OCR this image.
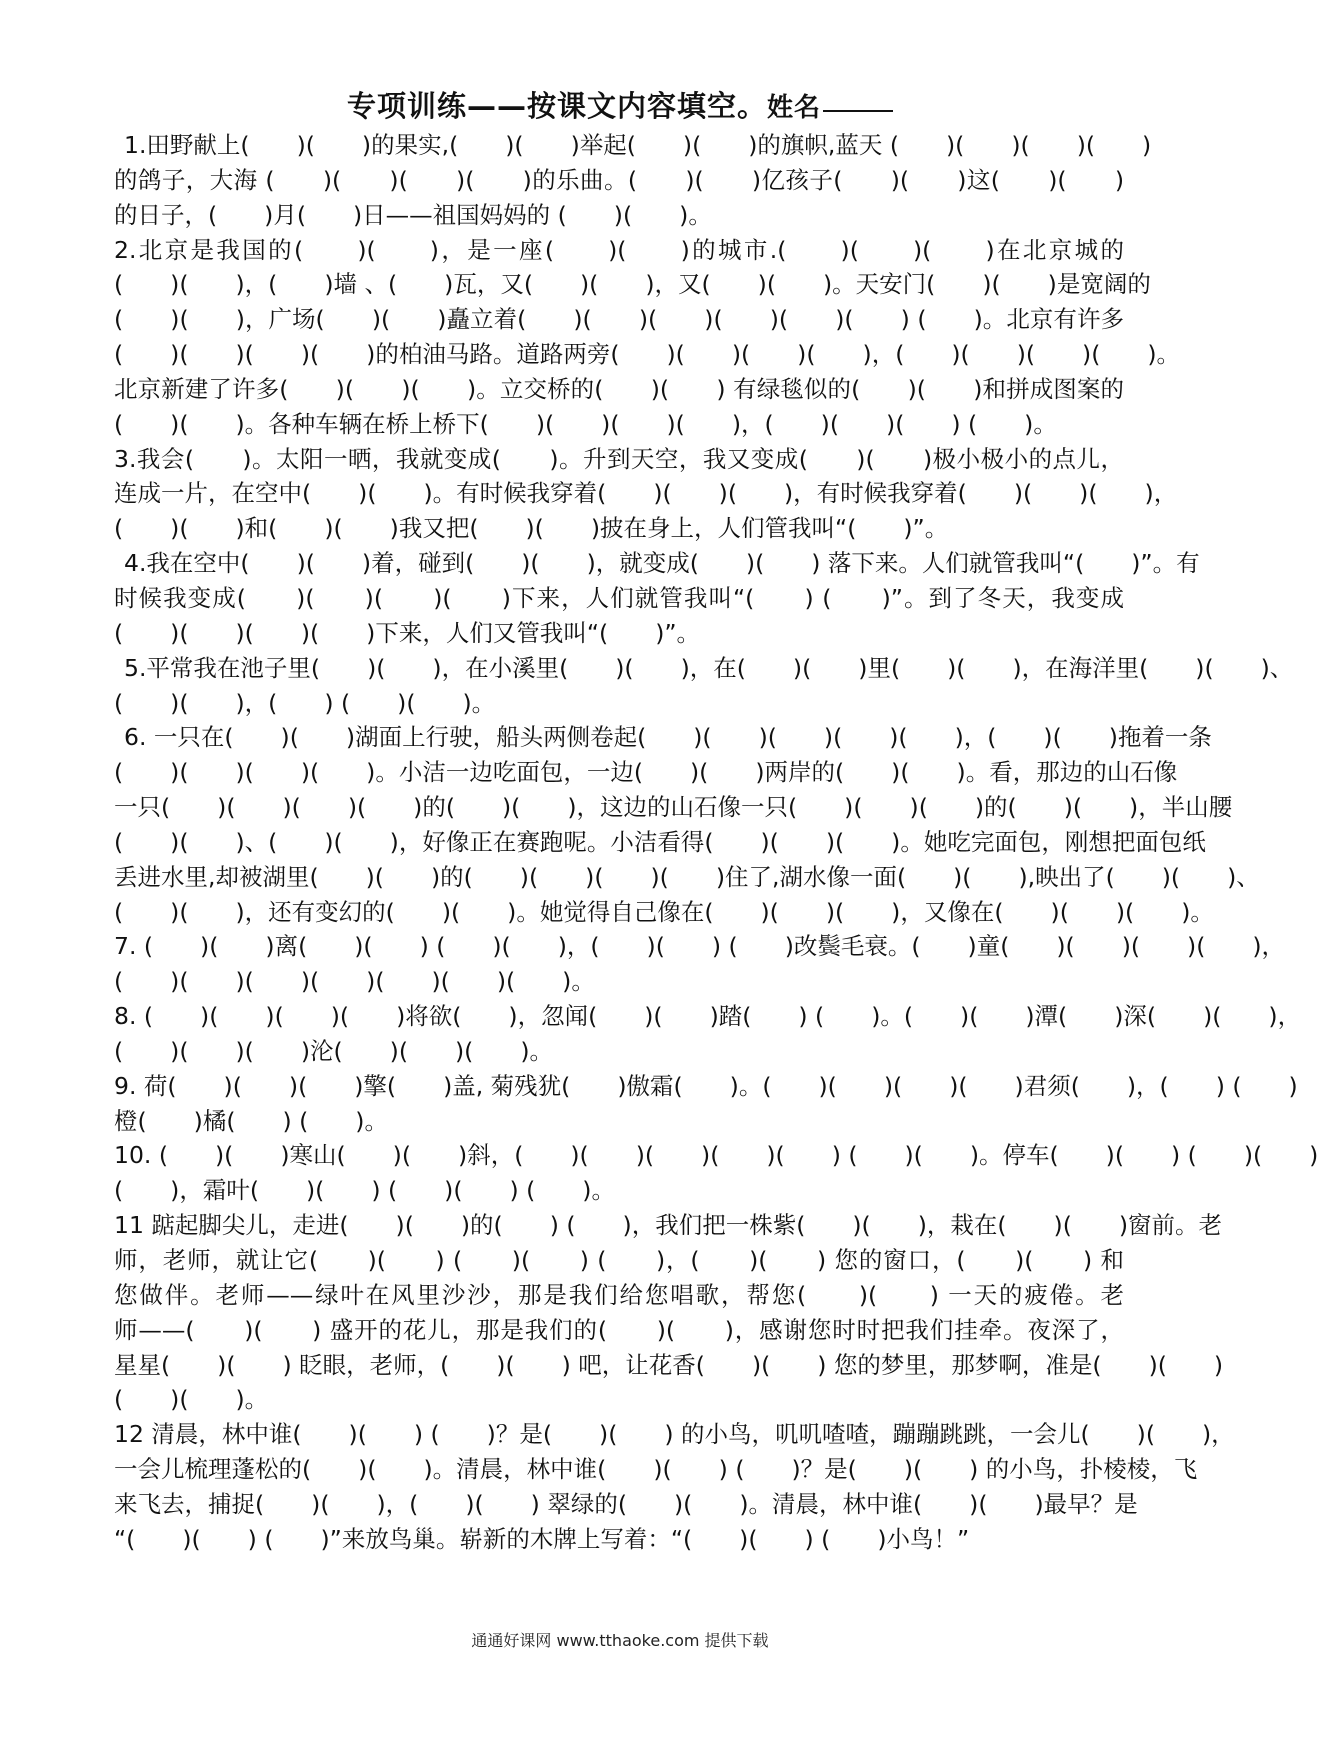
专项训练——按课文内容填空。姓名
1.田野献上(　　)(　　)的果实,(　　)(　　)举起(　　)(　　)的旗帜,蓝天 (　　)(　　)(　　)(　　)
的鸽子，大海 (　　)(　　)(　　)(　　)的乐曲。(　　)(　　)亿孩子(　　)(　　)这(　　)(　　)
的日子，(　　)月(　　)日——祖国妈妈的 (　　)(　　)。
2.北京是我国的(　　)(　　)，是一座(　　)(　　)的城市.(　　)(　　)(　　)在北京城的
(　　)(　　)，(　　)墙 、(　　)瓦，又(　　)(　　)，又(　　)(　　)。天安门(　　)(　　)是宽阔的
(　　)(　　)，广场(　　)(　　)矗立着(　　)(　　)(　　)(　　)(　　)(　　) (　　)。北京有许多
(　　)(　　)(　　)(　　)的柏油马路。道路两旁(　　)(　　)(　　)(　　)，(　　)(　　)(　　)(　　)。
北京新建了许多(　　)(　　)(　　)。立交桥的(　　)(　　) 有绿毯似的(　　)(　　)和拼成图案的
(　　)(　　)。各种车辆在桥上桥下(　　)(　　)(　　)(　　)，(　　)(　　)(　　) (　　)。
3.我会(　　)。太阳一晒，我就变成(　　)。升到天空，我又变成(　　)(　　)极小极小的点儿，
连成一片，在空中(　　)(　　)。有时候我穿着(　　)(　　)(　　)，有时候我穿着(　　)(　　)(　　)，
(　　)(　　)和(　　)(　　)我又把(　　)(　　)披在身上，人们管我叫“(　　)”。
4.我在空中(　　)(　　)着，碰到(　　)(　　)，就变成(　　)(　　) 落下来。人们就管我叫“(　　)”。有
时候我变成(　　)(　　)(　　)(　　)下来，人们就管我叫“(　　) (　　)”。到了冬天，我变成
(　　)(　　)(　　)(　　)下来，人们又管我叫“(　　)”。
5.平常我在池子里(　　)(　　)，在小溪里(　　)(　　)，在(　　)(　　)里(　　)(　　)，在海洋里(　　)(　　)、
(　　)(　　)，(　　) (　　)(　　)。
6. 一只在(　　)(　　)湖面上行驶，船头两侧卷起(　　)(　　)(　　)(　　)(　　)，(　　)(　　)拖着一条
(　　)(　　)(　　)(　　)。小洁一边吃面包，一边(　　)(　　)两岸的(　　)(　　)。看，那边的山石像
一只(　　)(　　)(　　)(　　)的(　　)(　　)，这边的山石像一只(　　)(　　)(　　)的(　　)(　　)，半山腰
(　　)(　　)、(　　)(　　)，好像正在赛跑呢。小洁看得(　　)(　　)(　　)。她吃完面包，刚想把面包纸
丢进水里,却被湖里(　　)(　　)的(　　)(　　)(　　)(　　)住了,湖水像一面(　　)(　　),映出了(　　)(　　)、
(　　)(　　)，还有变幻的(　　)(　　)。她觉得自己像在(　　)(　　)(　　)，又像在(　　)(　　)(　　)。
7. (　　)(　　)离(　　)(　　) (　　)(　　)，(　　)(　　) (　　)改鬓毛衰。(　　)童(　　)(　　)(　　)(　　)，
(　　)(　　)(　　)(　　)(　　)(　　)(　　)。
8. (　　)(　　)(　　)(　　)将欲(　　)，忽闻(　　)(　　)踏(　　) (　　)。(　　)(　　)潭(　　)深(　　)(　　)，
(　　)(　　)(　　)沦(　　)(　　)(　　)。
9. 荷(　　)(　　)(　　)擎(　　)盖, 菊残犹(　　)傲霜(　　)。(　　)(　　)(　　)(　　)君须(　　)，(　　) (　　)
橙(　　)橘(　　) (　　)。
10. (　　)(　　)寒山(　　)(　　)斜，(　　)(　　)(　　)(　　)(　　) (　　)(　　)。停车(　　)(　　) (　　)(　　)
(　　)，霜叶(　　)(　　) (　　)(　　) (　　)。
11 踮起脚尖儿，走进(　　)(　　)的(　　) (　　)，我们把一株紫(　　)(　　)，栽在(　　)(　　)窗前。老
师，老师，就让它(　　)(　　) (　　)(　　) (　　)，(　　)(　　) 您的窗口，(　　)(　　) 和
您做伴。老师——绿叶在风里沙沙，那是我们给您唱歌，帮您(　　)(　　) 一天的疲倦。老
师——(　　)(　　) 盛开的花儿，那是我们的(　　)(　　)，感谢您时时把我们挂牵。夜深了，
星星(　　)(　　) 眨眼，老师，(　　)(　　) 吧，让花香(　　)(　　) 您的梦里，那梦啊，准是(　　)(　　)
(　　)(　　)。
12 清晨，林中谁(　　)(　　) (　　)？是(　　)(　　) 的小鸟，叽叽喳喳，蹦蹦跳跳，一会儿(　　)(　　)，
一会儿梳理蓬松的(　　)(　　)。清晨，林中谁(　　)(　　) (　　)？是(　　)(　　) 的小鸟，扑棱棱，飞
来飞去，捕捉(　　)(　　)，(　　)(　　) 翠绿的(　　)(　　)。清晨，林中谁(　　)(　　)最早？是
“(　　)(　　) (　　)”来放鸟巢。崭新的木牌上写着：“(　　)(　　) (　　)小鸟！”
通通好课网 www.tthaoke.com 提供下载
